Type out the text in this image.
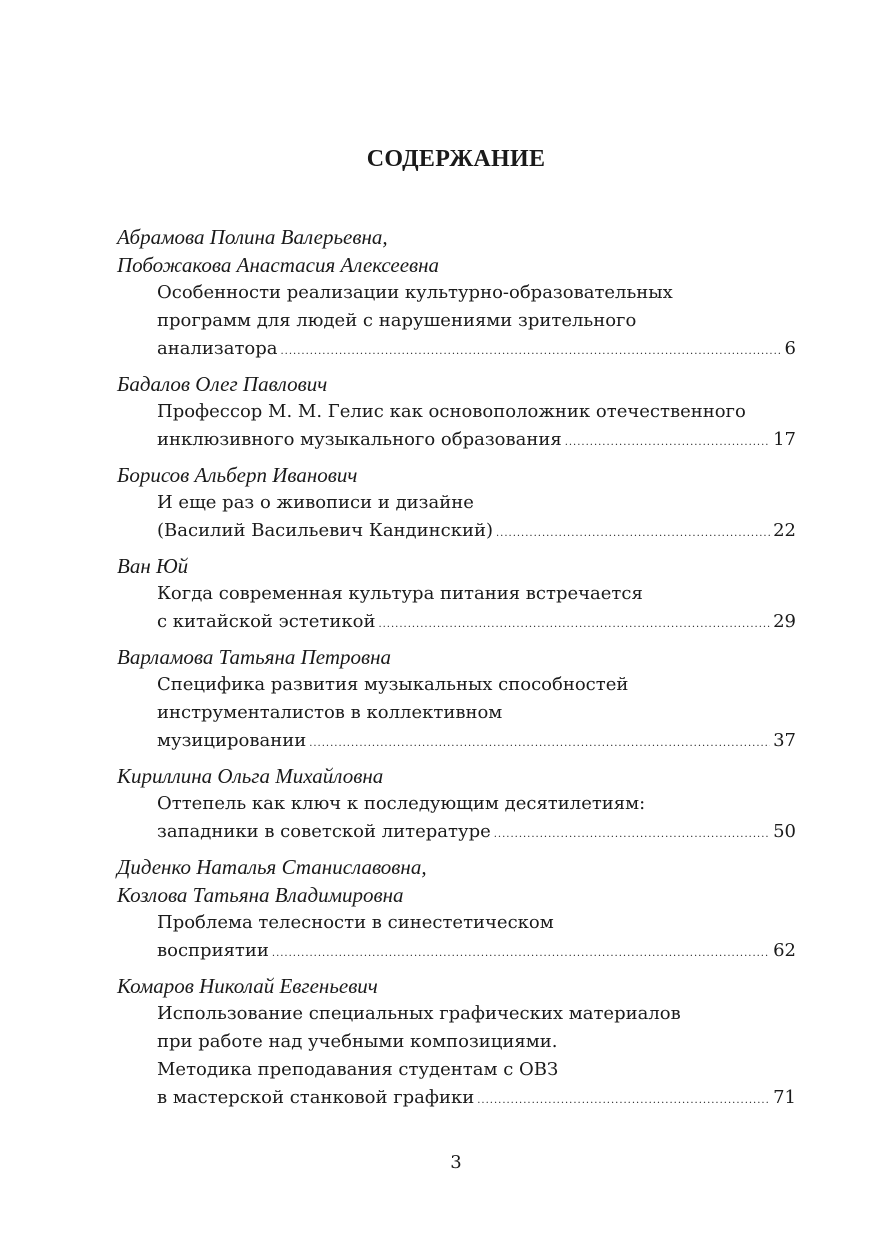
СОДЕРЖАНИЕ
Абрамова Полина Валерьевна,
Побожакова Анастасия Алексеевна
Особенности реализации культурно-образовательных
программ для людей с нарушениями зрительного
анализатора .....	6
Бадалов Олег Павлович
Профессор М. М. Гелис как основоположник отечественного
инклюзивного музыкального образования .....	17
Борисов Альберп Иванович
И еще раз о живописи и дизайне
(Василий Васильевич Кандинский) .....	22
Ван Юй
Когда современная культура питания встречается
с китайской эстетикой .....	29
Варламова Татьяна Петровна
Специфика развития музыкальных способностей
инструменталистов в коллективном
музицировании .....	37
Кириллина Ольга Михайловна
Оттепель как ключ к последующим десятилетиям:
западники в советской литературе .....	50
Диденко Наталья Станиславовна,
Козлова Татьяна Владимировна
Проблема телесности в синестетическом
восприятии .....	62
Комаров Николай Евгеньевич
Использование специальных графических материалов
при работе над учебными композициями.
Методика преподавания студентам с ОВЗ
в мастерской станковой графики .....	71

3
